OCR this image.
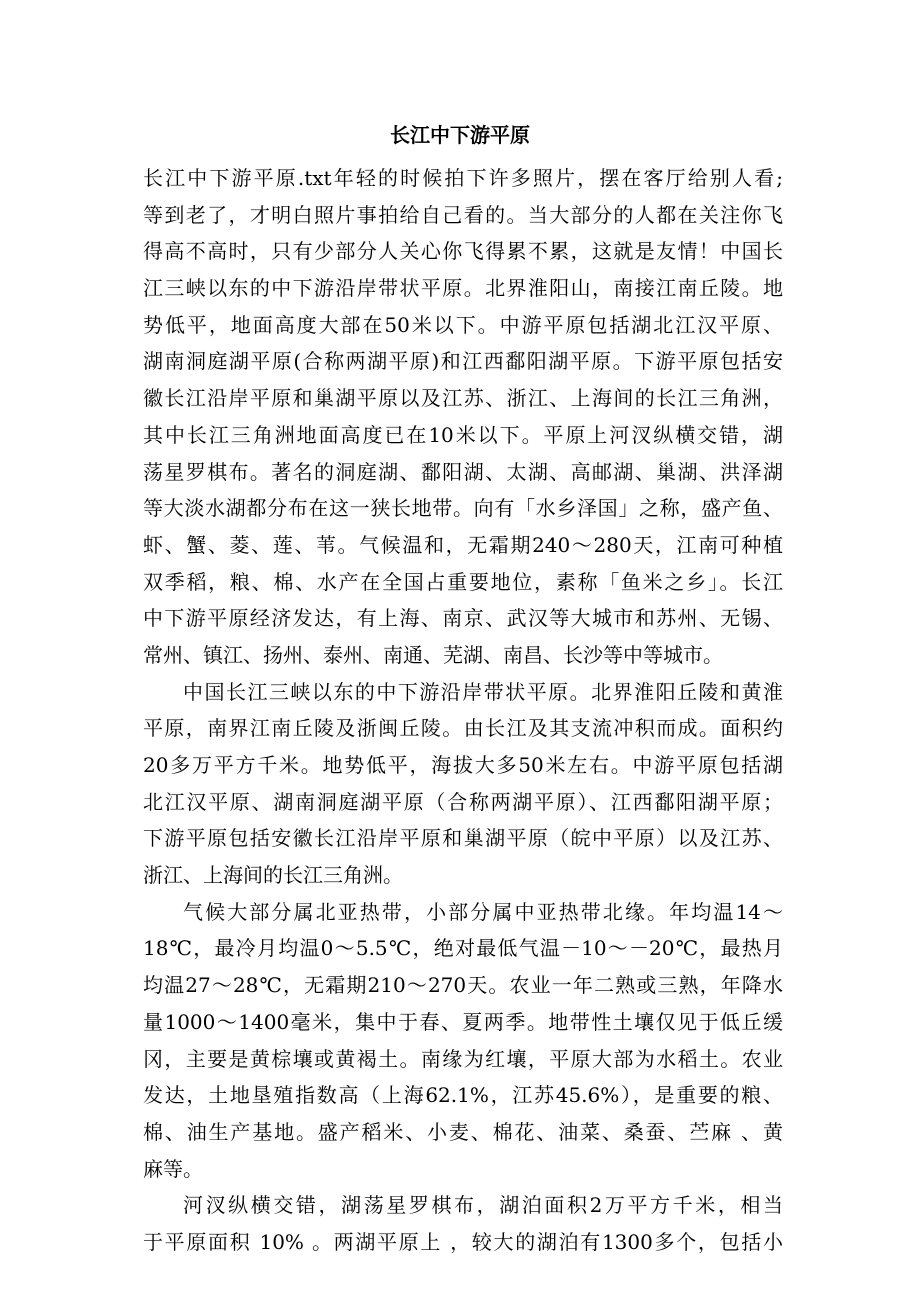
长江中下游平原
长江中下游平原.txt年轻的时候拍下许多照片，摆在客厅给别人看;
等到老了，才明白照片事拍给自己看的。当大部分的人都在关注你飞
得高不高时，只有少部分人关心你飞得累不累，这就是友情！中国长
江三峡以东的中下游沿岸带状平原。北界淮阳山，南接江南丘陵。地
势低平，地面高度大部在50米以下。中游平原包括湖北江汉平原、
湖南洞庭湖平原(合称两湖平原)和江西鄱阳湖平原。下游平原包括安
徽长江沿岸平原和巢湖平原以及江苏、浙江、上海间的长江三角洲，
其中长江三角洲地面高度已在10米以下。平原上河汊纵横交错，湖
荡星罗棋布。著名的洞庭湖、鄱阳湖、太湖、高邮湖、巢湖、洪泽湖
等大淡水湖都分布在这一狭长地带。向有「水乡泽国」之称，盛产鱼、
虾、蟹、菱、莲、苇。气候温和，无霜期240～280天，江南可种植
双季稻，粮、棉、水产在全国占重要地位，素称「鱼米之乡」。长江
中下游平原经济发达，有上海、南京、武汉等大城市和苏州、无锡、
常州、镇江、扬州、泰州、南通、芜湖、南昌、长沙等中等城市。
中国长江三峡以东的中下游沿岸带状平原。北界淮阳丘陵和黄淮
平原，南界江南丘陵及浙闽丘陵。由长江及其支流冲积而成。面积约
20多万平方千米。地势低平，海拔大多50米左右。中游平原包括湖
北江汉平原、湖南洞庭湖平原（合称两湖平原）、江西鄱阳湖平原；
下游平原包括安徽长江沿岸平原和巢湖平原（皖中平原）以及江苏、
浙江、上海间的长江三角洲。
气候大部分属北亚热带，小部分属中亚热带北缘。年均温14～
18℃，最冷月均温0～5.5℃，绝对最低气温－10～－20℃，最热月
均温27～28℃，无霜期210～270天。农业一年二熟或三熟，年降水
量1000～1400毫米，集中于春、夏两季。地带性土壤仅见于低丘缓
冈，主要是黄棕壤或黄褐土。南缘为红壤，平原大部为水稻土。农业
发达，土地垦殖指数高（上海62.1%，江苏45.6%），是重要的粮、
棉、油生产基地。盛产稻米、小麦、棉花、油菜、桑蚕、苎麻 、黄
麻等。
河汊纵横交错，湖荡星罗棋布，湖泊面积2万平方千米，相当
于平原面积 10% 。两湖平原上 ，较大的湖泊有1300多个，包括小
